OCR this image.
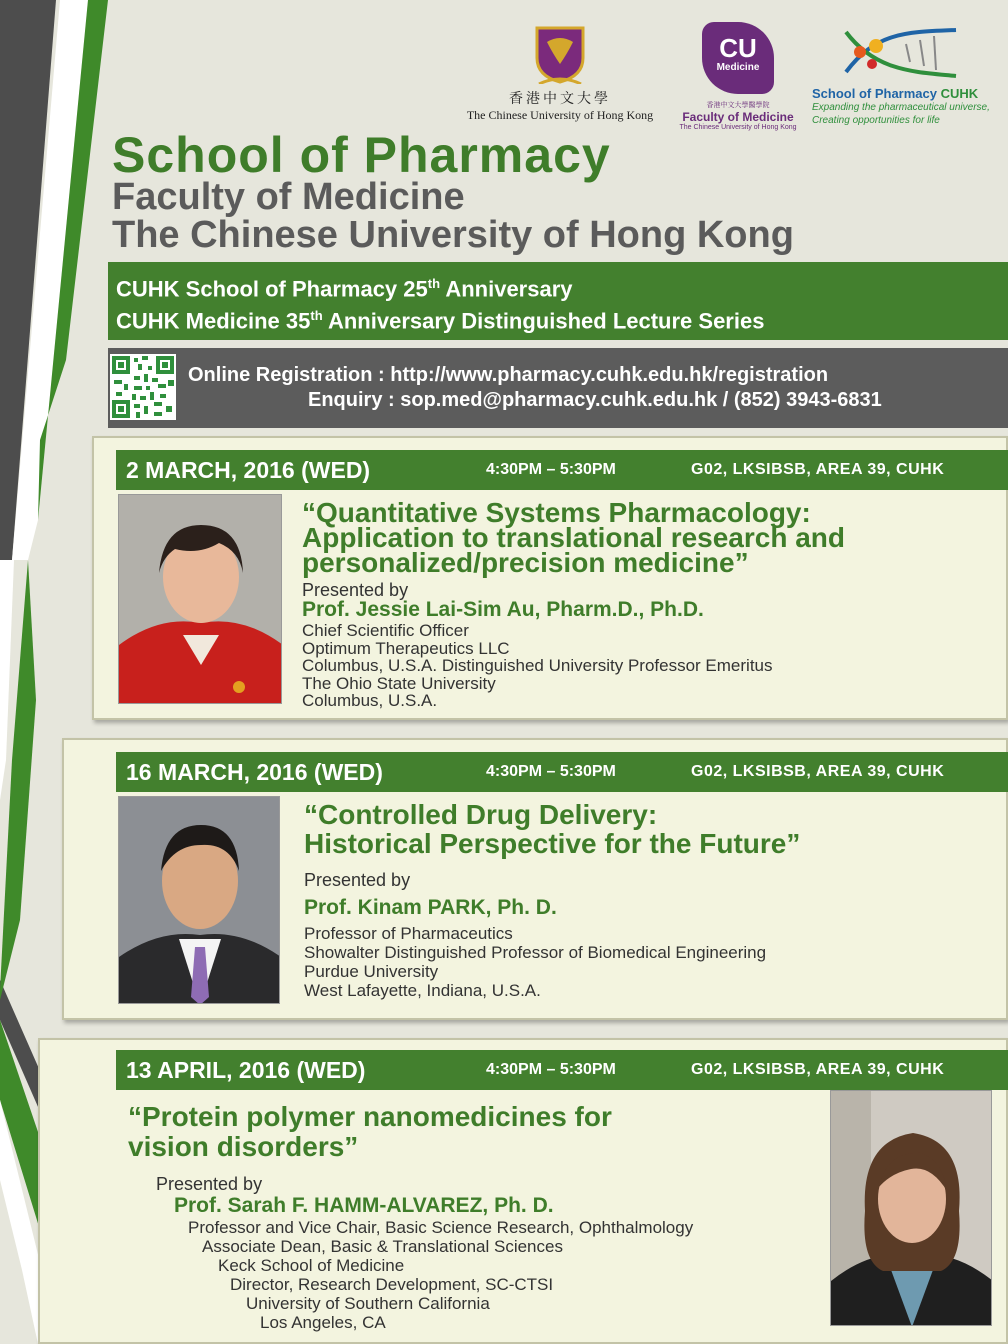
香港中文大學
The Chinese University of Hong Kong
CU
Medicine
香港中文大學醫學院
Faculty of Medicine
The Chinese University of Hong Kong
School of Pharmacy CUHK
Expanding the pharmaceutical universe,
Creating opportunities for life
School of Pharmacy
Faculty of Medicine
The Chinese University of Hong Kong
CUHK School of Pharmacy 25th Anniversary
CUHK Medicine 35th Anniversary Distinguished Lecture Series
Online Registration : http://www.pharmacy.cuhk.edu.hk/registration
Enquiry : sop.med@pharmacy.cuhk.edu.hk / (852) 3943-6831
2 MARCH, 2016 (WED)	4:30PM – 5:30PM	G02, LKSIBSB, AREA 39, CUHK
“Quantitative Systems Pharmacology:
Application to translational research and
personalized/precision medicine”
Presented by
Prof. Jessie Lai-Sim Au, Pharm.D., Ph.D.
Chief Scientific Officer
Optimum Therapeutics LLC
Columbus, U.S.A. Distinguished University Professor Emeritus
The Ohio State University
Columbus, U.S.A.
16 MARCH, 2016 (WED)	4:30PM – 5:30PM	G02, LKSIBSB, AREA 39, CUHK
“Controlled Drug Delivery:
Historical Perspective for the Future”
Presented by
Prof. Kinam PARK, Ph. D.
Professor of Pharmaceutics
Showalter Distinguished Professor of Biomedical Engineering
Purdue University
West Lafayette, Indiana, U.S.A.
13 APRIL, 2016 (WED)	4:30PM – 5:30PM	G02, LKSIBSB, AREA 39, CUHK
“Protein polymer nanomedicines for
vision disorders”
Presented by
Prof. Sarah F. HAMM-ALVAREZ, Ph. D.
Professor and Vice Chair, Basic Science Research, Ophthalmology
Associate Dean, Basic & Translational Sciences
Keck School of Medicine
Director, Research Development, SC-CTSI
University of Southern California
Los Angeles, CA
